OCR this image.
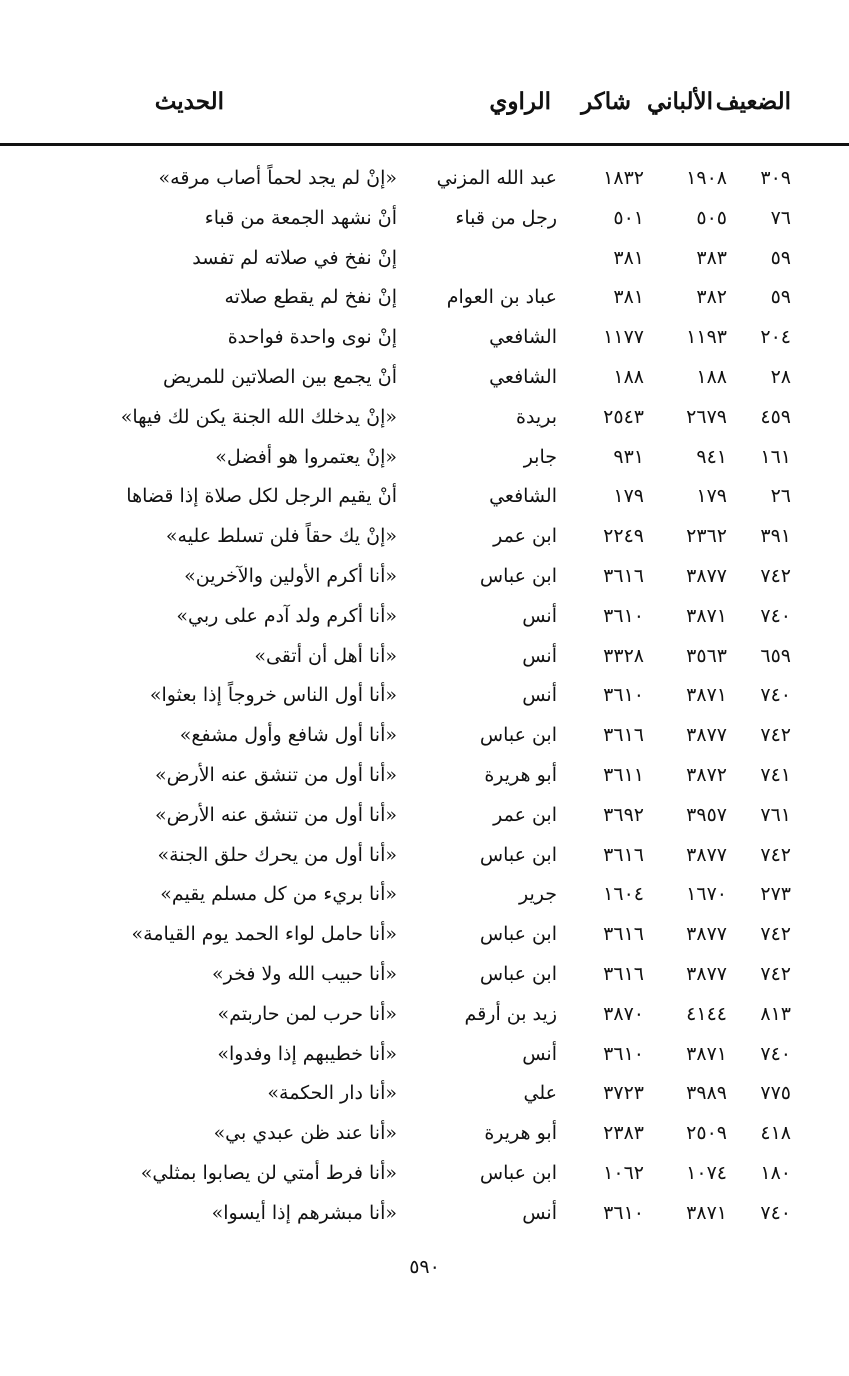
الضعيف
الألباني
شاكر
الراوي
الحديث
٣٠٩
١٩٠٨
١٨٣٢
عبد الله المزني
«إنْ لم يجد لحماً أصاب مرقه»
٧٦
٥٠٥
٥٠١
رجل من قباء
أنْ نشهد الجمعة من قباء
٥٩
٣٨٣
٣٨١
إنْ نفخ في صلاته لم تفسد
٥٩
٣٨٢
٣٨١
عباد بن العوام
إنْ نفخ لم يقطع صلاته
٢٠٤
١١٩٣
١١٧٧
الشافعي
إنْ نوى واحدة فواحدة
٢٨
١٨٨
١٨٨
الشافعي
أنْ يجمع بين الصلاتين للمريض
٤٥٩
٢٦٧٩
٢٥٤٣
بريدة
«إنْ يدخلك الله الجنة يكن لك فيها»
١٦١
٩٤١
٩٣١
جابر
«إنْ يعتمروا هو أفضل»
٢٦
١٧٩
١٧٩
الشافعي
أنْ يقيم الرجل لكل صلاة إذا قضاها
٣٩١
٢٣٦٢
٢٢٤٩
ابن عمر
«إنْ يك حقاً فلن تسلط عليه»
٧٤٢
٣٨٧٧
٣٦١٦
ابن عباس
«أنا أكرم الأولين والآخرين»
٧٤٠
٣٨٧١
٣٦١٠
أنس
«أنا أكرم ولد آدم على ربي»
٦٥٩
٣٥٦٣
٣٣٢٨
أنس
«أنا أهل أن أتقى»
٧٤٠
٣٨٧١
٣٦١٠
أنس
«أنا أول الناس خروجاً إذا بعثوا»
٧٤٢
٣٨٧٧
٣٦١٦
ابن عباس
«أنا أول شافع وأول مشفع»
٧٤١
٣٨٧٢
٣٦١١
أبو هريرة
«أنا أول من تنشق عنه الأرض»
٧٦١
٣٩٥٧
٣٦٩٢
ابن عمر
«أنا أول من تنشق عنه الأرض»
٧٤٢
٣٨٧٧
٣٦١٦
ابن عباس
«أنا أول من يحرك حلق الجنة»
٢٧٣
١٦٧٠
١٦٠٤
جرير
«أنا بريء من كل مسلم يقيم»
٧٤٢
٣٨٧٧
٣٦١٦
ابن عباس
«أنا حامل لواء الحمد يوم القيامة»
٧٤٢
٣٨٧٧
٣٦١٦
ابن عباس
«أنا حبيب الله ولا فخر»
٨١٣
٤١٤٤
٣٨٧٠
زيد بن أرقم
«أنا حرب لمن حاربتم»
٧٤٠
٣٨٧١
٣٦١٠
أنس
«أنا خطيبهم إذا وفدوا»
٧٧٥
٣٩٨٩
٣٧٢٣
علي
«أنا دار الحكمة»
٤١٨
٢٥٠٩
٢٣٨٣
أبو هريرة
«أنا عند ظن عبدي بي»
١٨٠
١٠٧٤
١٠٦٢
ابن عباس
«أنا فرط أمتي لن يصابوا بمثلي»
٧٤٠
٣٨٧١
٣٦١٠
أنس
«أنا مبشرهم إذا أيسوا»
٥٩٠
